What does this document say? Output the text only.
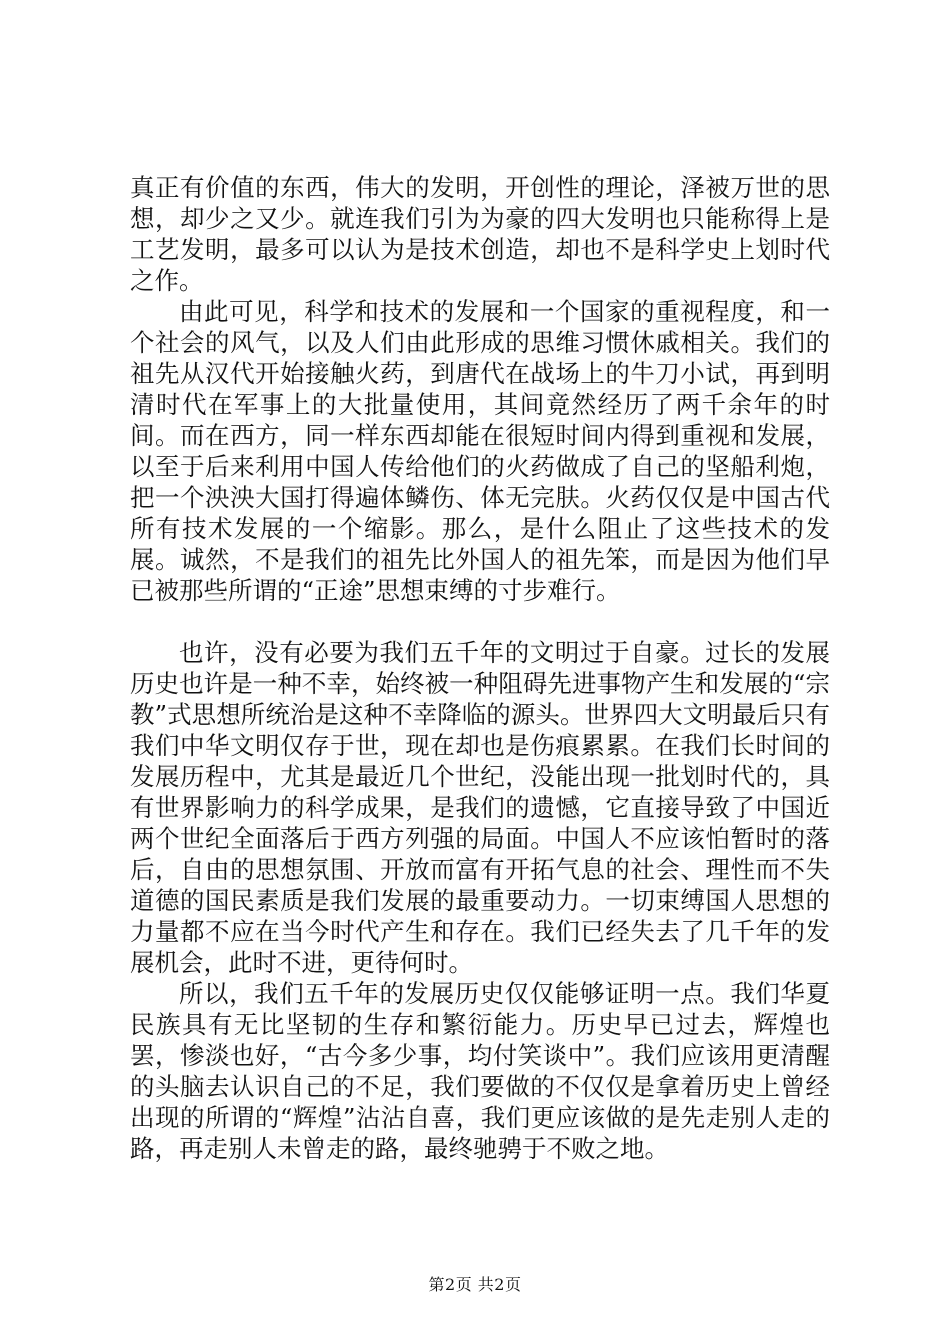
真正有价值的东西，伟大的发明，开创性的理论，泽被万世的思想，却少之又少。就连我们引为为豪的四大发明也只能称得上是工艺发明，最多可以认为是技术创造，却也不是科学史上划时代之作。

由此可见，科学和技术的发展和一个国家的重视程度，和一个社会的风气，以及人们由此形成的思维习惯休戚相关。我们的祖先从汉代开始接触火药，到唐代在战场上的牛刀小试，再到明清时代在军事上的大批量使用，其间竟然经历了两千余年的时间。而在西方，同一样东西却能在很短时间内得到重视和发展，以至于后来利用中国人传给他们的火药做成了自己的坚船利炮，把一个泱泱大国打得遍体鳞伤、体无完肤。火药仅仅是中国古代所有技术发展的一个缩影。那么，是什么阻止了这些技术的发展。诚然，不是我们的祖先比外国人的祖先笨，而是因为他们早已被那些所谓的“正途”思想束缚的寸步难行。

也许，没有必要为我们五千年的文明过于自豪。过长的发展历史也许是一种不幸，始终被一种阻碍先进事物产生和发展的“宗教”式思想所统治是这种不幸降临的源头。世界四大文明最后只有我们中华文明仅存于世，现在却也是伤痕累累。在我们长时间的发展历程中，尤其是最近几个世纪，没能出现一批划时代的，具有世界影响力的科学成果，是我们的遗憾，它直接导致了中国近两个世纪全面落后于西方列强的局面。中国人不应该怕暂时的落后，自由的思想氛围、开放而富有开拓气息的社会、理性而不失道德的国民素质是我们发展的最重要动力。一切束缚国人思想的力量都不应在当今时代产生和存在。我们已经失去了几千年的发展机会，此时不进，更待何时。

所以，我们五千年的发展历史仅仅能够证明一点。我们华夏民族具有无比坚韧的生存和繁衍能力。历史早已过去，辉煌也罢，惨淡也好，“古今多少事，均付笑谈中”。我们应该用更清醒的头脑去认识自己的不足，我们要做的不仅仅是拿着历史上曾经出现的所谓的“辉煌”沾沾自喜，我们更应该做的是先走别人走的路，再走别人未曾走的路，最终驰骋于不败之地。

第2页 共2页
